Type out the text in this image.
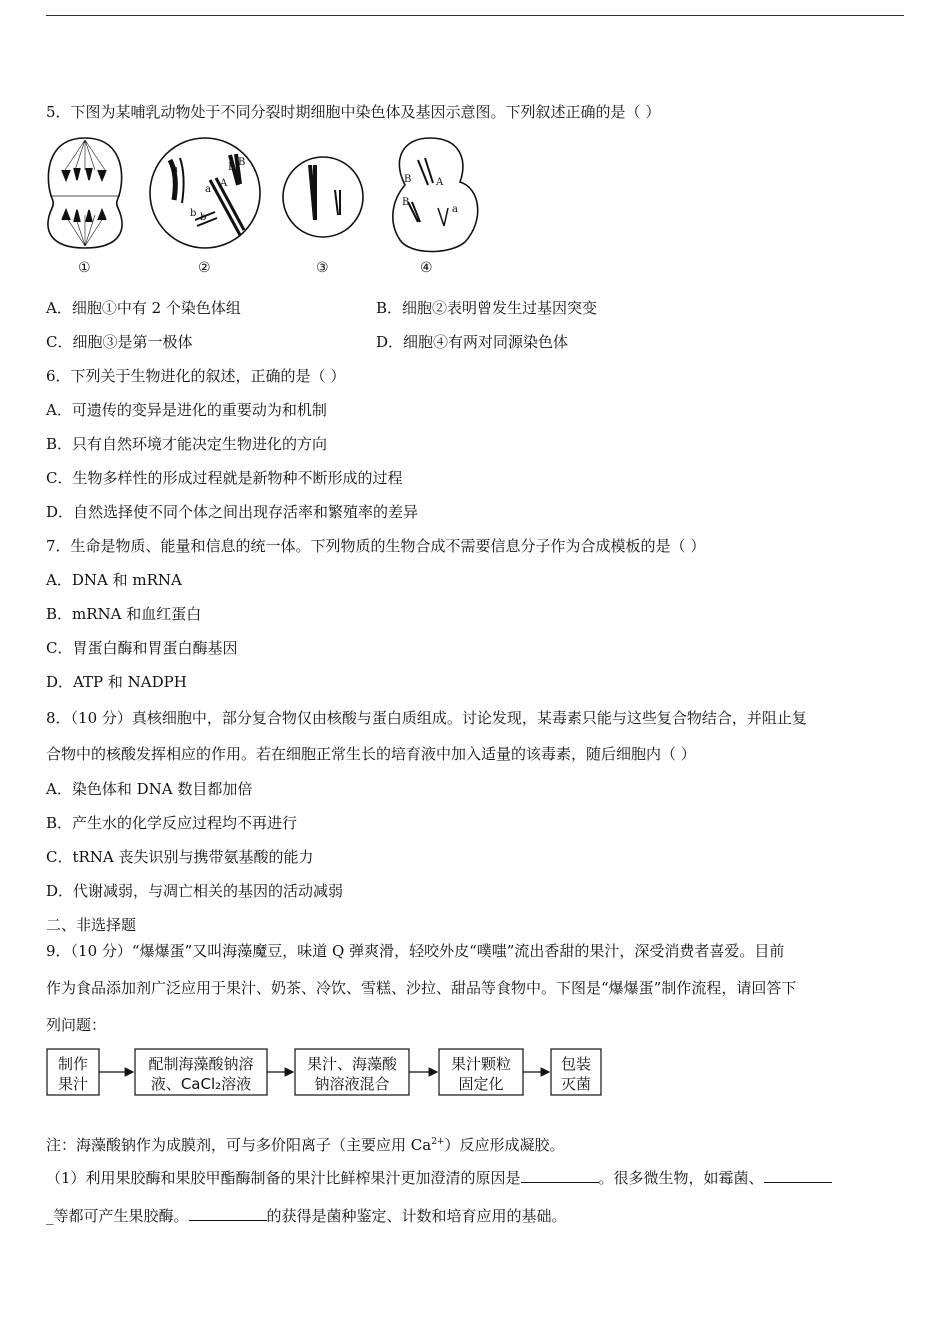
5．下图为某哺乳动物处于不同分裂时期细胞中染色体及基因示意图。下列叙述正确的是（ ）
a
A
B B
a
b b
B A
B
a
①	②	③	④
A．细胞①中有 2 个染色体组	B．细胞②表明曾发生过基因突变
C．细胞③是第一极体	D．细胞④有两对同源染色体
6．下列关于生物进化的叙述，正确的是（ ）
A．可遗传的变异是进化的重要动为和机制
B．只有自然环境才能决定生物进化的方向
C．生物多样性的形成过程就是新物种不断形成的过程
D．自然选择使不同个体之间出现存活率和繁殖率的差异
7．生命是物质、能量和信息的统一体。下列物质的生物合成不需要信息分子作为合成模板的是（ ）
A．DNA 和 mRNA
B．mRNA 和血红蛋白
C．胃蛋白酶和胃蛋白酶基因
D．ATP 和 NADPH
8．（10 分）真核细胞中，部分复合物仅由核酸与蛋白质组成。讨论发现，某毒素只能与这些复合物结合，并阻止复
合物中的核酸发挥相应的作用。若在细胞正常生长的培育液中加入适量的该毒素，随后细胞内（ ）
A．染色体和 DNA 数目都加倍
B．产生水的化学反应过程均不再进行
C．tRNA 丧失识别与携带氨基酸的能力
D．代谢减弱，与凋亡相关的基因的活动减弱
二、非选择题
9．（10 分）“爆爆蛋”又叫海藻魔豆，味道 Q 弹爽滑，轻咬外皮“噗嗤”流出香甜的果汁，深受消费者喜爱。目前
作为食品添加剂广泛应用于果汁、奶茶、冷饮、雪糕、沙拉、甜品等食物中。下图是“爆爆蛋”制作流程，请回答下
列问题：
制作
果汁
配制海藻酸钠溶
液、CaCl₂溶液
果汁、海藻酸
钠溶液混合
果汁颗粒
固定化
包装
灭菌
注：海藻酸钠作为成膜剂，可与多价阳离子（主要应用 $Ca^{2+}$）反应形成凝胶。
（1）利用果胶酶和果胶甲酯酶制备的果汁比鲜榨果汁更加澄清的原因是	。很多微生物，如霉菌、
_等都可产生果胶酶。	的获得是菌种鉴定、计数和培育应用的基础。
